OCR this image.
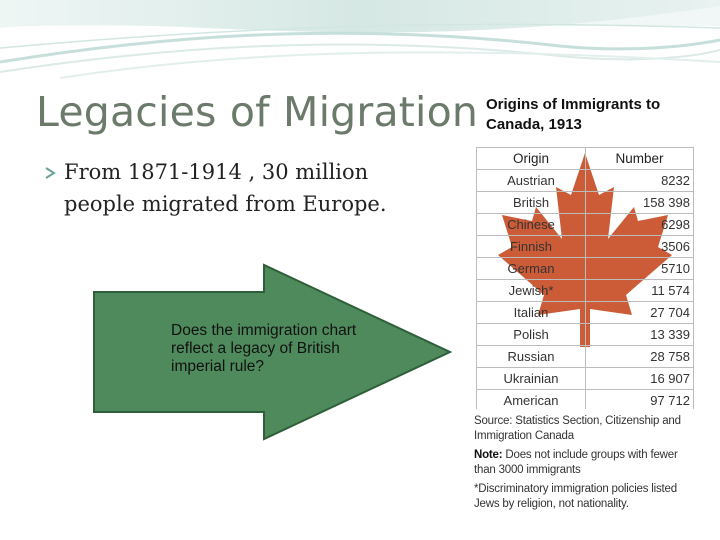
Legacies of Migration
From 1871-1914 , 30 million
people migrated from Europe.
Does the immigration chart reflect a legacy of British imperial rule?
Origins of Immigrants to Canada, 1913
Origin	Number
Austrian	8232
British	158 398
Chinese	6298
Finnish	3506
German	5710
Jewish*	11 574
Italian	27 704
Polish	13 339
Russian	28 758
Ukrainian	16 907
American	97 712

Source: Statistics Section, Citizenship and Immigration Canada

Note: Does not include groups with fewer than 3000 immigrants

*Discriminatory immigration policies listed Jews by religion, not nationality.
